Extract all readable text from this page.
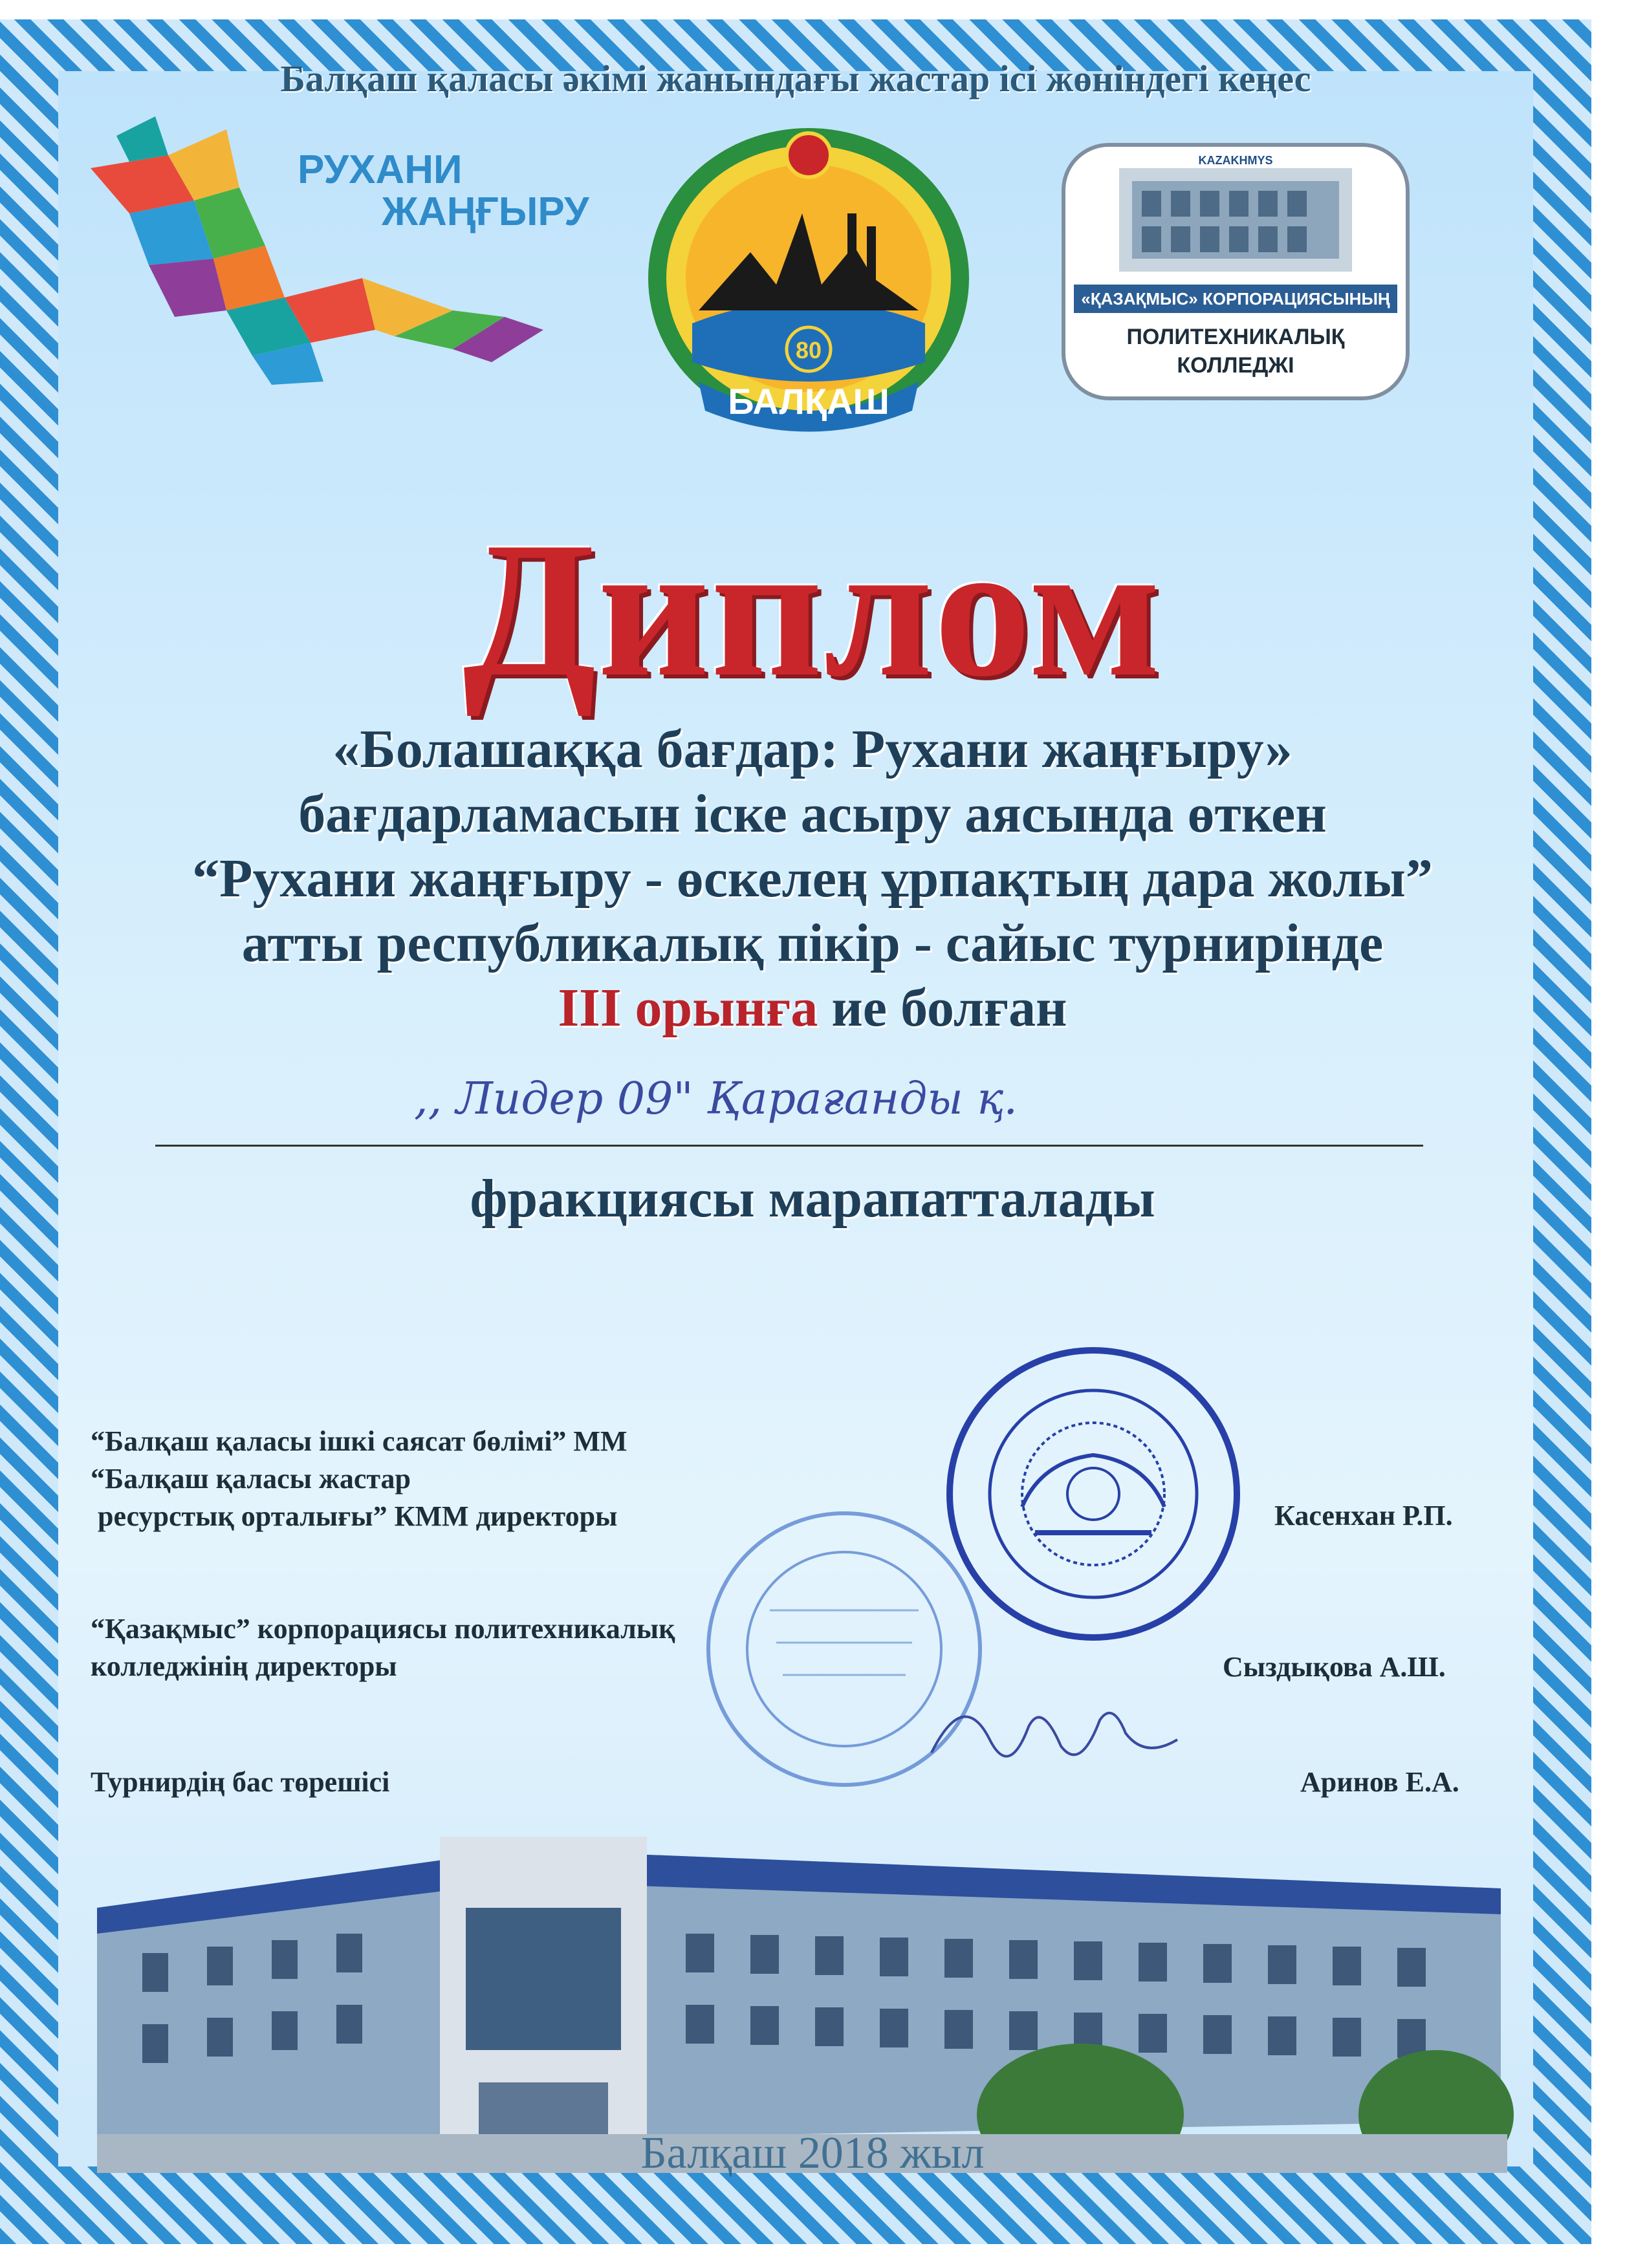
Балқаш қаласы әкімі жанындағы жастар ісі жөніндегі кеңес
РУХАНИ
ЖАҢҒЫРУ
80
БАЛҚАШ
KAZAKHMYS
«ҚАЗАҚМЫС» КОРПОРАЦИЯСЫНЫҢ
ПОЛИТЕХНИКАЛЫҚ
КОЛЛЕДЖІ
Диплом
«Болашаққа бағдар: Рухани жаңғыру»
бағдарламасын іске асыру аясында өткен
“Рухани жаңғыру - өскелең ұрпақтың дара жолы”
атты республикалық пікір - сайыс турнирінде
III орынға ие болған
,, Лидер 09" Қарағанды қ.
фракциясы марапатталады
“Балқаш қаласы ішкі саясат бөлімі” ММ
“Балқаш қаласы жастар
ресурстық орталығы” КММ директоры	Касенхан Р.П.
“Қазақмыс” корпорациясы политехникалық
колледжінің директоры	Сыздықова А.Ш.
Турнирдің бас төрешісі	Аринов Е.А.
Балқаш 2018 жыл
